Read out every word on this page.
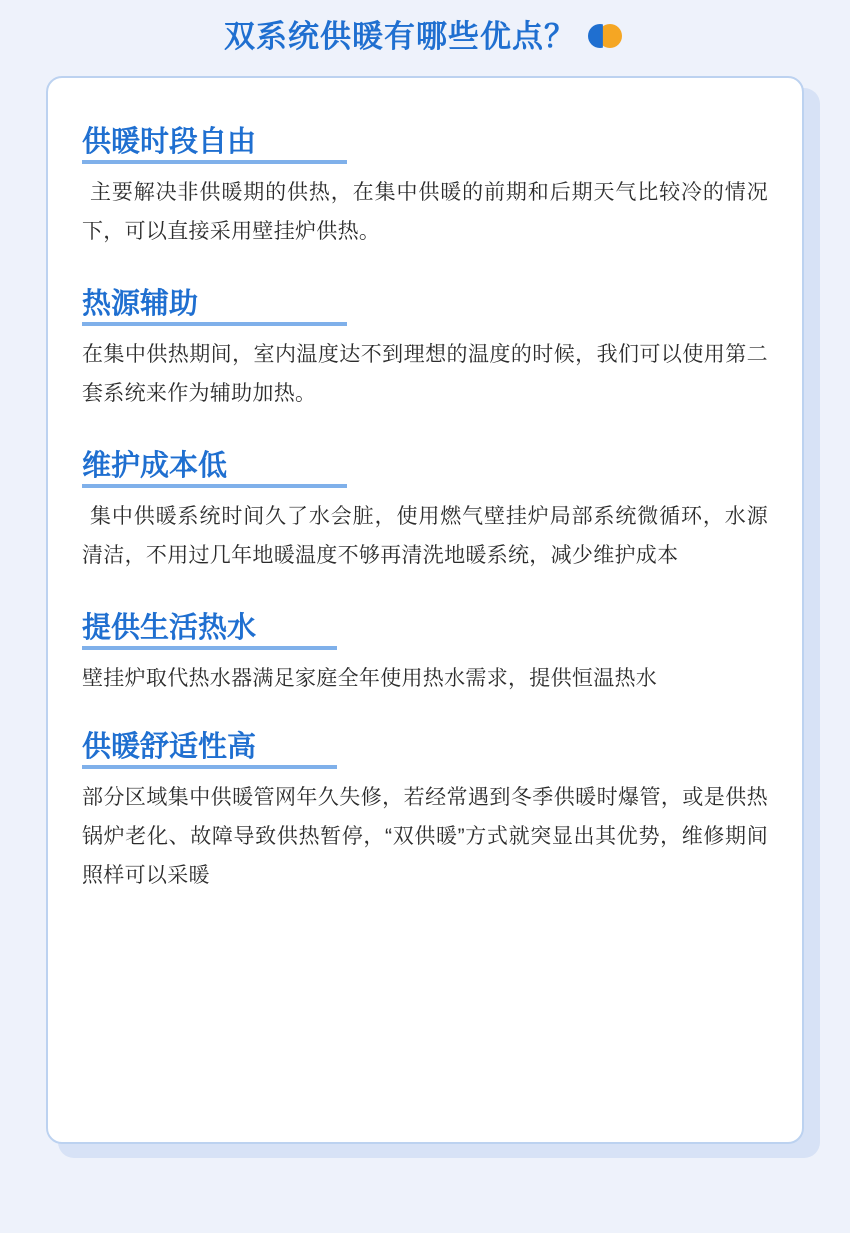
双系统供暖有哪些优点？
供暖时段自由

主要解决非供暖期的供热，在集中供暖的前期和后期天气比较冷的情况下，可以直接采用壁挂炉供热。

热源辅助

在集中供热期间，室内温度达不到理想的温度的时候，我们可以使用第二套系统来作为辅助加热。

维护成本低

集中供暖系统时间久了水会脏，使用燃气壁挂炉局部系统微循环，水源清洁，不用过几年地暖温度不够再清洗地暖系统，减少维护成本

提供生活热水

壁挂炉取代热水器满足家庭全年使用热水需求，提供恒温热水

供暖舒适性高

部分区域集中供暖管网年久失修，若经常遇到冬季供暖时爆管，或是供热锅炉老化、故障导致供热暂停，“双供暖”方式就突显出其优势，维修期间照样可以采暖
